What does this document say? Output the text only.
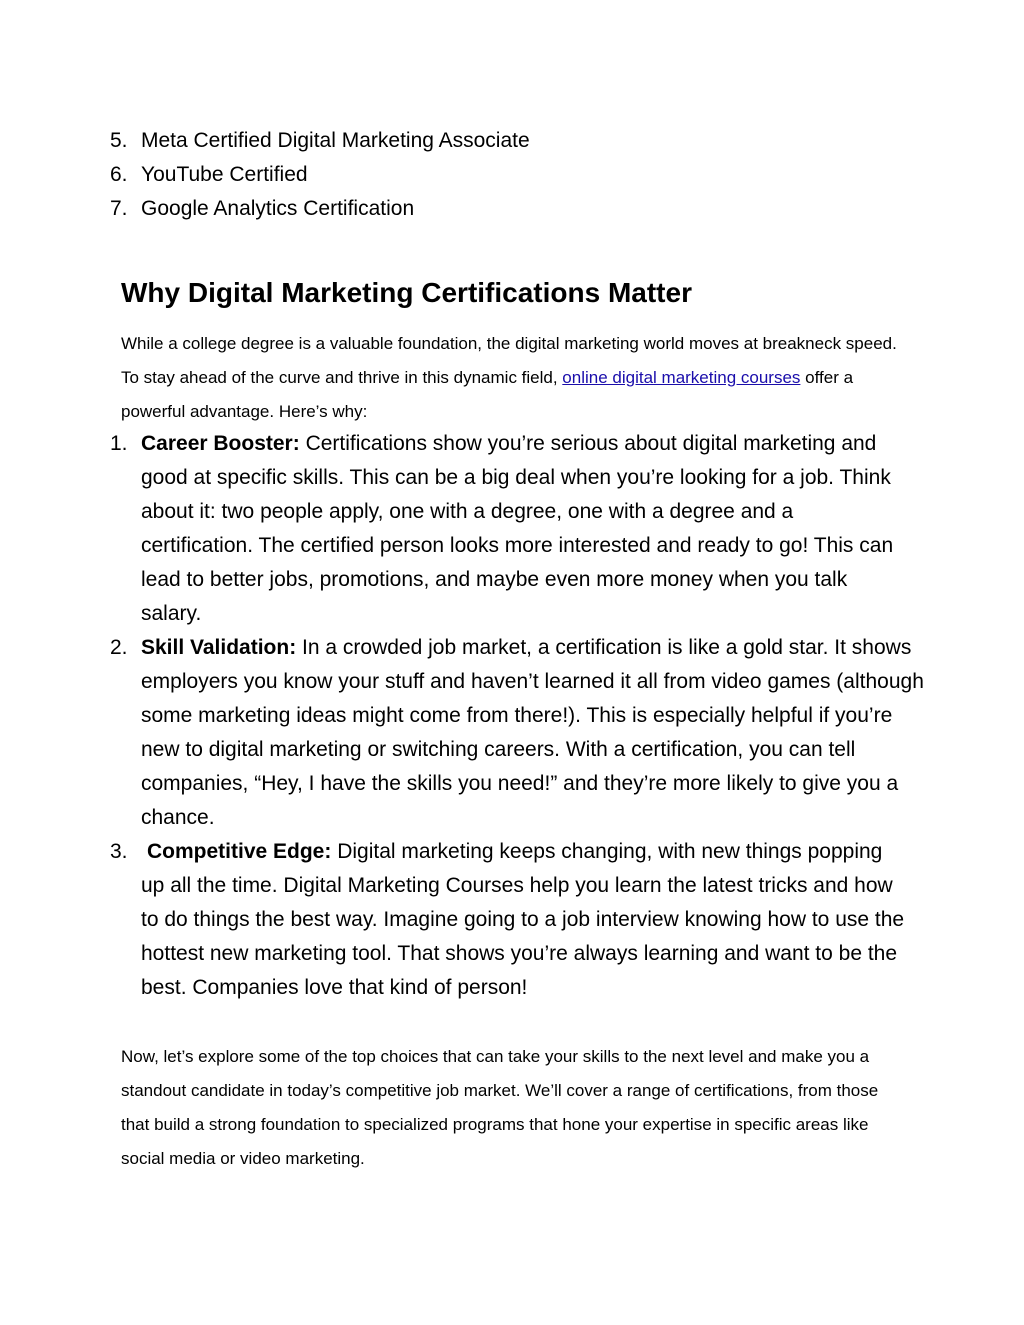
5. Meta Certified Digital Marketing Associate
6. YouTube Certified
7. Google Analytics Certification
Why Digital Marketing Certifications Matter

While a college degree is a valuable foundation, the digital marketing world moves at breakneck speed. To stay ahead of the curve and thrive in this dynamic field, online digital marketing courses offer a powerful advantage. Here’s why:

1. Career Booster: Certifications show you’re serious about digital marketing and good at specific skills. This can be a big deal when you’re looking for a job. Think about it: two people apply, one with a degree, one with a degree and a certification. The certified person looks more interested and ready to go! This can lead to better jobs, promotions, and maybe even more money when you talk salary.
2. Skill Validation: In a crowded job market, a certification is like a gold star. It shows employers you know your stuff and haven’t learned it all from video games (although some marketing ideas might come from there!). This is especially helpful if you’re new to digital marketing or switching careers. With a certification, you can tell companies, “Hey, I have the skills you need!” and they’re more likely to give you a chance.
3. Competitive Edge: Digital marketing keeps changing, with new things popping up all the time. Digital Marketing Courses help you learn the latest tricks and how to do things the best way. Imagine going to a job interview knowing how to use the hottest new marketing tool. That shows you’re always learning and want to be the best. Companies love that kind of person!

Now, let’s explore some of the top choices that can take your skills to the next level and make you a standout candidate in today’s competitive job market. We’ll cover a range of certifications, from those that build a strong foundation to specialized programs that hone your expertise in specific areas like social media or video marketing.
